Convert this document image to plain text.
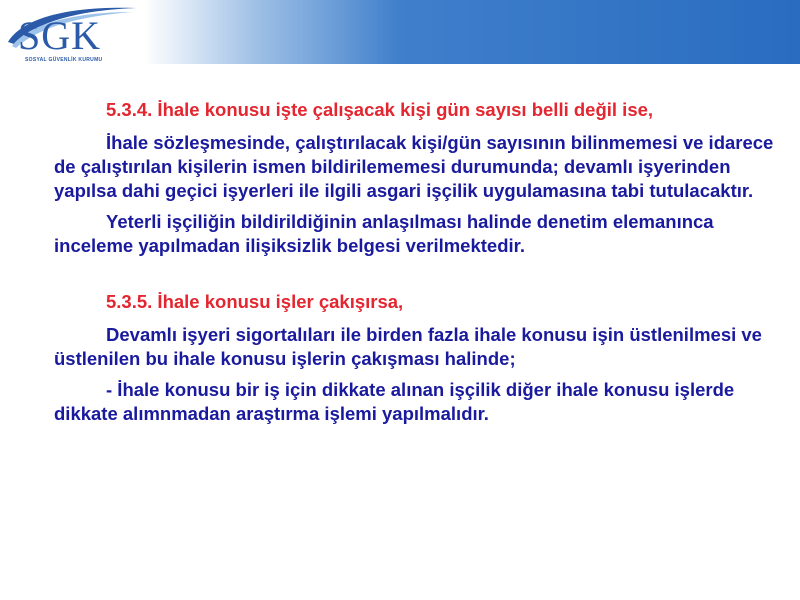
SGK
SOSYAL GÜVENLİK KURUMU

5.3.4. İhale konusu işte çalışacak kişi gün sayısı belli değil ise,

İhale sözleşmesinde, çalıştırılacak kişi/gün sayısının bilinmemesi ve idarece de çalıştırılan kişilerin ismen bildirilememesi durumunda; devamlı işyerinden yapılsa dahi geçici işyerleri ile ilgili asgari işçilik uygulamasına tabi tutulacaktır.

Yeterli işçiliğin bildirildiğinin anlaşılması halinde denetim elemanınca inceleme yapılmadan ilişiksizlik belgesi verilmektedir.

5.3.5. İhale konusu işler çakışırsa,

Devamlı işyeri sigortalıları ile birden fazla ihale konusu işin üstlenilmesi ve üstlenilen bu ihale konusu işlerin çakışması halinde;

- İhale konusu bir iş için dikkate alınan işçilik diğer ihale konusu işlerde dikkate alımnmadan araştırma işlemi yapılmalıdır.
